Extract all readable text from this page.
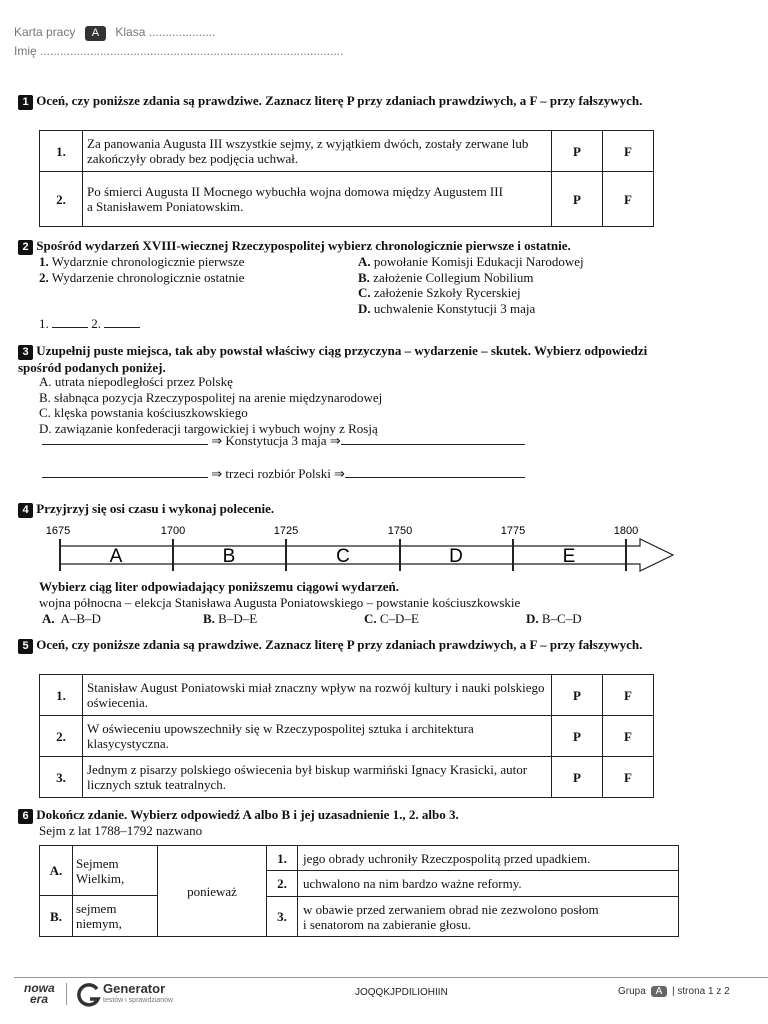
Karta pracy A Klasa ....................
Imię ...........................................................................................
1 Oceń, czy poniższe zdania są prawdziwe. Zaznacz literę P przy zdaniach prawdziwych, a F – przy fałszywych.
1.	Za panowania Augusta III wszystkie sejmy, z wyjątkiem dwóch, zostały zerwane lub zakończyły obrady bez podjęcia uchwał.	P	F
2.	Po śmierci Augusta II Mocnego wybuchła wojna domowa między Augustem III
a Stanisławem Poniatowskim.	P	F
2 Spośród wydarzeń XVIII-wiecznej Rzeczypospolitej wybierz chronologicznie pierwsze i ostatnie.
1. Wydarznie chronologicznie pierwsze
2. Wydarzenie chronologicznie ostatnie
A. powołanie Komisji Edukacji Narodowej
B. założenie Collegium Nobilium
C. założenie Szkoły Rycerskiej
D. uchwalenie Konstytucji 3 maja
1.	2.
3 Uzupełnij puste miejsca, tak aby powstał właściwy ciąg przyczyna – wydarzenie – skutek. Wybierz odpowiedzi spośród podanych poniżej.
A. utrata niepodległości przez Polskę
B. słabnąca pozycja Rzeczypospolitej na arenie międzynarodowej
C. klęska powstania kościuszkowskiego
D. zawiązanie konfederacji targowickiej i wybuch wojny z Rosją
⇒ Konstytucja 3 maja ⇒
⇒ trzeci rozbiór Polski ⇒
4 Przyjrzyj się osi czasu i wykonaj polecenie.
1675	1700	1725	1750	1775	1800
A	B	C	D	E
Wybierz ciąg liter odpowiadający poniższemu ciągowi wydarzeń.
wojna północna – elekcja Stanisława Augusta Poniatowskiego – powstanie kościuszkowskie
A. A–B–D	B. B–D–E	C. C–D–E	D. B–C–D
5 Oceń, czy poniższe zdania są prawdziwe. Zaznacz literę P przy zdaniach prawdziwych, a F – przy fałszywych.
1.	Stanisław August Poniatowski miał znaczny wpływ na rozwój kultury i nauki polskiego oświecenia.	P	F
2.	W oświeceniu upowszechniły się w Rzeczypospolitej sztuka i architektura klasycystyczna.	P	F
3.	Jednym z pisarzy polskiego oświecenia był biskup warmiński Ignacy Krasicki, autor licznych sztuk teatralnych.	P	F
6 Dokończ zdanie. Wybierz odpowiedź A albo B i jej uzasadnienie 1., 2. albo 3.
Sejm z lat 1788–1792 nazwano
A.	Sejmem
Wielkim,	ponieważ	1.	jego obrady uchroniły Rzeczpospolitą przed upadkiem.
			2.	uchwalono na nim bardzo ważne reformy.
B.	sejmem
niemym,			

			3.	w obawie przed zerwaniem obrad nie zezwolono posłom
i senatorom na zabieranie głosu.
nowa
era
Generator
testów i sprawdzianów
JOQQKJPDILIOHIIN	Grupa A | strona 1 z 2
